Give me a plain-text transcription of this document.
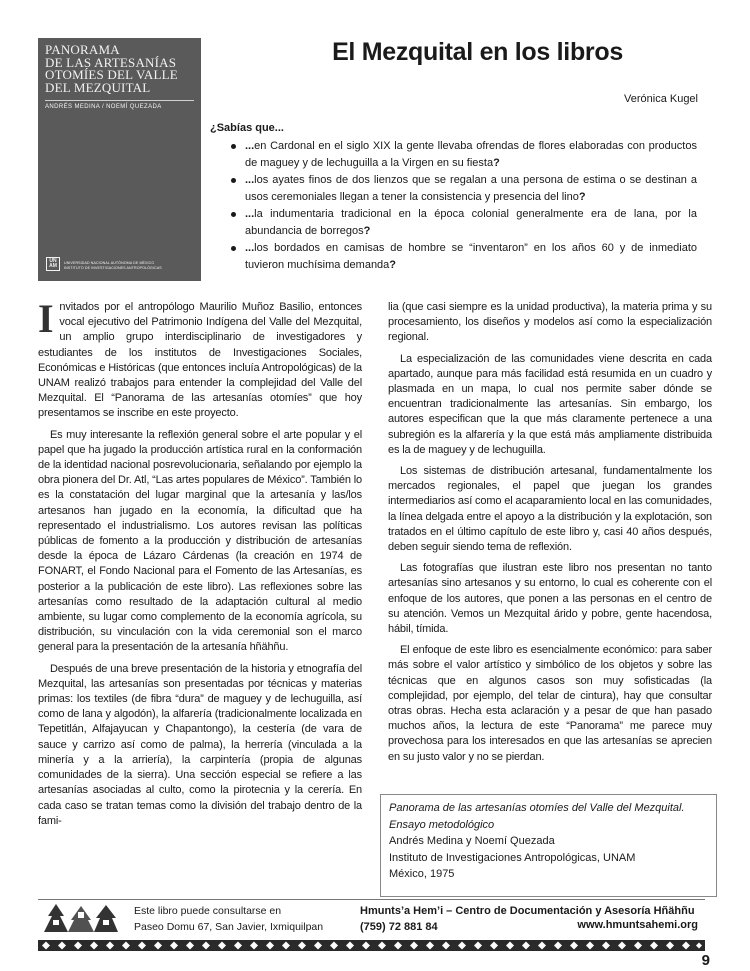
PANORAMA
DE LAS ARTESANÍAS
OTOMÍES DEL VALLE
DEL MEZQUITAL
ANDRÉS MEDINA / NOEMÍ QUEZADA
UN AM	UNIVERSIDAD NACIONAL AUTÓNOMA DE MÉXICO
INSTITUTO DE INVESTIGACIONES ANTROPOLÓGICAS
El Mezquital en los libros
Verónica Kugel
¿Sabías que...
...en Cardonal en el siglo XIX la gente llevaba ofrendas de flores elaboradas con productos de maguey y de lechuguilla a la Virgen en su fiesta?
...los ayates finos de dos lienzos que se regalan a una persona de estima o se destinan a usos ceremoniales llegan a tener la consistencia y presencia del lino?
...la indumentaria tradicional en la época colonial generalmente era de lana, por la abundancia de borregos?
...los bordados en camisas de hombre se “inventaron” en los años 60 y de inmediato tuvieron muchísima demanda?

Invitados por el antropólogo Maurilio Muñoz Basilio, entonces vocal ejecutivo del Patrimonio Indígena del Valle del Mezquital, un amplio grupo interdisciplinario de investigadores y estudiantes de los institutos de Investigaciones Sociales, Económicas e Históricas (que entonces incluía Antropológicas) de la UNAM realizó trabajos para entender la complejidad del Valle del Mezquital. El “Panorama de las artesanías otomíes” que hoy presentamos se inscribe en este proyecto.

Es muy interesante la reflexión general sobre el arte popular y el papel que ha jugado la producción artística rural en la conformación de la identidad nacional posrevolucionaria, señalando por ejemplo la obra pionera del Dr. Atl, “Las artes populares de México”. También lo es la constatación del lugar marginal que la artesanía y las/los artesanos han jugado en la economía, la dificultad que ha representado el industrialismo. Los autores revisan las políticas públicas de fomento a la producción y distribución de artesanías desde la época de Lázaro Cárdenas (la creación en 1974 de FONART, el Fondo Nacional para el Fomento de las Artesanías, es posterior a la publicación de este libro). Las reflexiones sobre las artesanías como resultado de la adaptación cultural al medio ambiente, su lugar como complemento de la economía agrícola, su distribución, su vinculación con la vida ceremonial son el marco general para la presentación de la artesanía hñähñu.

Después de una breve presentación de la historia y etnografía del Mezquital, las artesanías son presentadas por técnicas y materias primas: los textiles (de fibra “dura” de maguey y de lechuguilla, así como de lana y algodón), la alfarería (tradicionalmente localizada en Tepetitlán, Alfajayucan y Chapantongo), la cestería (de vara de sauce y carrizo así como de palma), la herrería (vinculada a la minería y a la arriería), la carpintería (propia de algunas comunidades de la sierra). Una sección especial se refiere a las artesanías asociadas al culto, como la pirotecnia y la cerería. En cada caso se tratan temas como la división del trabajo dentro de la fami-

lia (que casi siempre es la unidad productiva), la materia prima y su procesamiento, los diseños y modelos así como la especialización regional.

La especialización de las comunidades viene descrita en cada apartado, aunque para más facilidad está resumida en un cuadro y plasmada en un mapa, lo cual nos permite saber dónde se encuentran tradicionalmente las artesanías. Sin embargo, los autores especifican que la que más claramente pertenece a una subregión es la alfarería y la que está más ampliamente distribuida es la de maguey y de lechuguilla.

Los sistemas de distribución artesanal, fundamentalmente los mercados regionales, el papel que juegan los grandes intermediarios así como el acaparamiento local en las comunidades, la línea delgada entre el apoyo a la distribución y la explotación, son tratados en el último capítulo de este libro y, casi 40 años después, deben seguir siendo tema de reflexión.

Las fotografías que ilustran este libro nos presentan no tanto artesanías sino artesanos y su entorno, lo cual es coherente con el enfoque de los autores, que ponen a las personas en el centro de su atención. Vemos un Mezquital árido y pobre, gente hacendosa, hábil, tímida.

El enfoque de este libro es esencialmente económico: para saber más sobre el valor artístico y simbólico de los objetos y sobre las técnicas que en algunos casos son muy sofisticadas (la complejidad, por ejemplo, del telar de cintura), hay que consultar otras obras. Hecha esta aclaración y a pesar de que han pasado muchos años, la lectura de este “Panorama” me parece muy provechosa para los interesados en que las artesanías se aprecien en su justo valor y no se pierdan.

Panorama de las artesanías otomíes del Valle del Mezquital.
Ensayo metodológico
Andrés Medina y Noemí Quezada
Instituto de Investigaciones Antropológicas, UNAM
México, 1975
Este libro puede consultarse en
Paseo Domu 67, San Javier, Ixmiquilpan
Hmunts’a Hem’i – Centro de Documentación y Asesoría Hñähñu
(759) 72 881 84	www.hmuntsahemi.org
9
